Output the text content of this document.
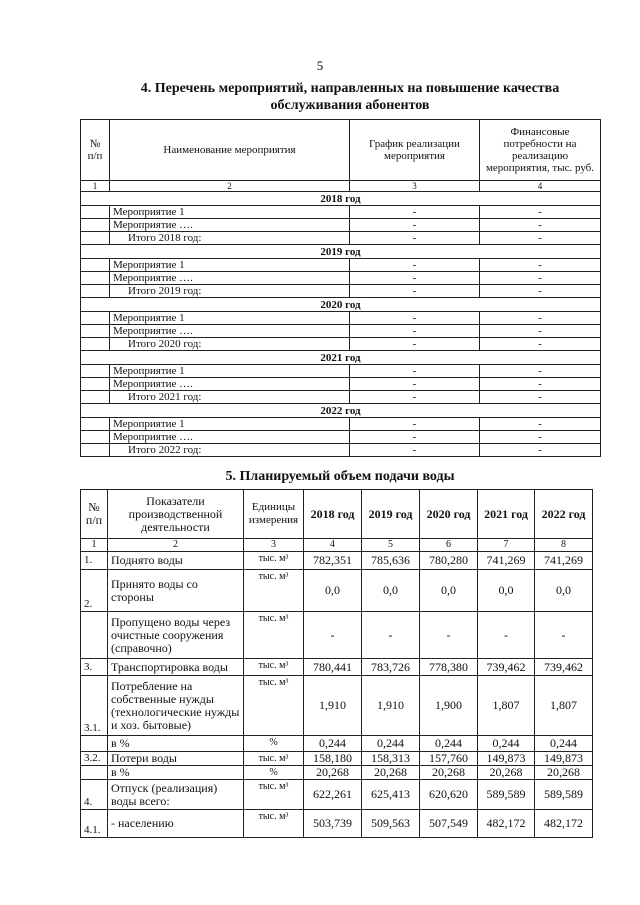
5
4. Перечень мероприятий, направленных на повышение качества обслуживания абонентов
№ п/п	Наименование мероприятия	График реализации мероприятия	Финансовые потребности на реализацию мероприятия, тыс. руб.
1	2	3	4
2018 год			
	Мероприятие 1	-	-
	Мероприятие ….	-	-
	Итого 2018 год:	-	-
2019 год			
	Мероприятие 1	-	-
	Мероприятие ….	-	-
	Итого 2019 год:	-	-
2020 год			
	Мероприятие 1	-	-
	Мероприятие ….	-	-
	Итого 2020 год:	-	-
2021 год			
	Мероприятие 1	-	-
	Мероприятие ….	-	-
	Итого 2021 год:	-	-
2022 год			
	Мероприятие 1	-	-
	Мероприятие ….	-	-
	Итого 2022 год:	-	-
5. Планируемый объем подачи воды
№ п/п	Показатели производственной деятельности	Единицы измерения	2018 год	2019 год	2020 год	2021 год	2022 год
1	2	3	4	5	6	7	8
1.	Поднято воды	тыс. м³	782,351	785,636	780,280	741,269	741,269
2.	Принято воды со стороны	тыс. м³	0,0	0,0	0,0	0,0	0,0
	Пропущено воды через очистные сооружения (справочно)	тыс. м³	-	-	-	-	-
3.	Транспортировка воды	тыс. м³	780,441	783,726	778,380	739,462	739,462
3.1.	Потребление на собственные нужды (технологические нужды и хоз. бытовые)	тыс. м³	1,910	1,910	1,900	1,807	1,807
	в %	%	0,244	0,244	0,244	0,244	0,244
3.2.	Потери воды	тыс. м³	158,180	158,313	157,760	149,873	149,873
	в %	%	20,268	20,268	20,268	20,268	20,268
4.	Отпуск (реализация) воды всего:	тыс. м³	622,261	625,413	620,620	589,589	589,589
4.1.	- населению	тыс. м³	503,739	509,563	507,549	482,172	482,172
